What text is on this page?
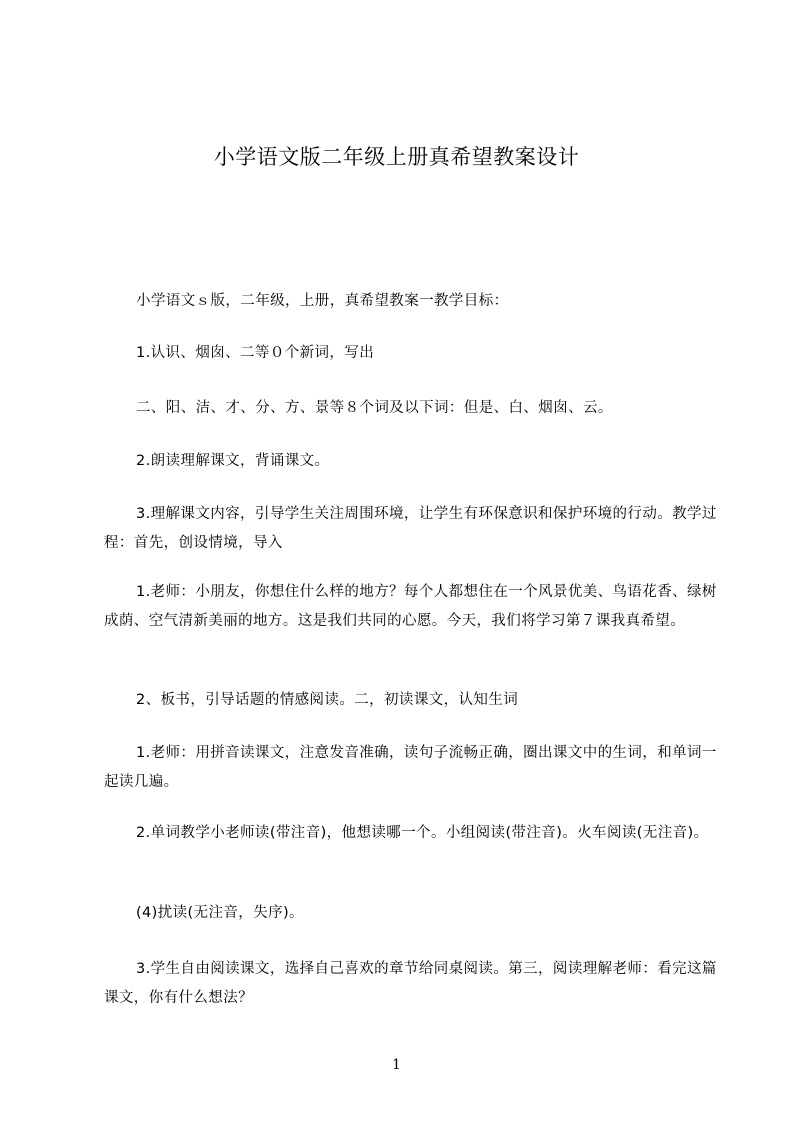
小学语文版二年级上册真希望教案设计

小学语文ｓ版，二年级，上册，真希望教案一教学目标：

1.认识、烟囱、二等０个新词，写出

二、阳、洁、才、分、方、景等８个词及以下词：但是、白、烟囱、云。

2.朗读理解课文，背诵课文。

3.理解课文内容，引导学生关注周围环境，让学生有环保意识和保护环境的行动。教学过程：首先，创设情境，导入

1.老师：小朋友，你想住什么样的地方？每个人都想住在一个风景优美、鸟语花香、绿树成荫、空气清新美丽的地方。这是我们共同的心愿。今天，我们将学习第７课我真希望。

2、板书，引导话题的情感阅读。二，初读课文，认知生词

1.老师：用拼音读课文，注意发音准确，读句子流畅正确，圈出课文中的生词，和单词一起读几遍。

2.单词教学小老师读(带注音)，他想读哪一个。小组阅读(带注音)。火车阅读(无注音)。

(4)扰读(无注音，失序)。

3.学生自由阅读课文，选择自己喜欢的章节给同桌阅读。第三，阅读理解老师：看完这篇课文，你有什么想法？

1
